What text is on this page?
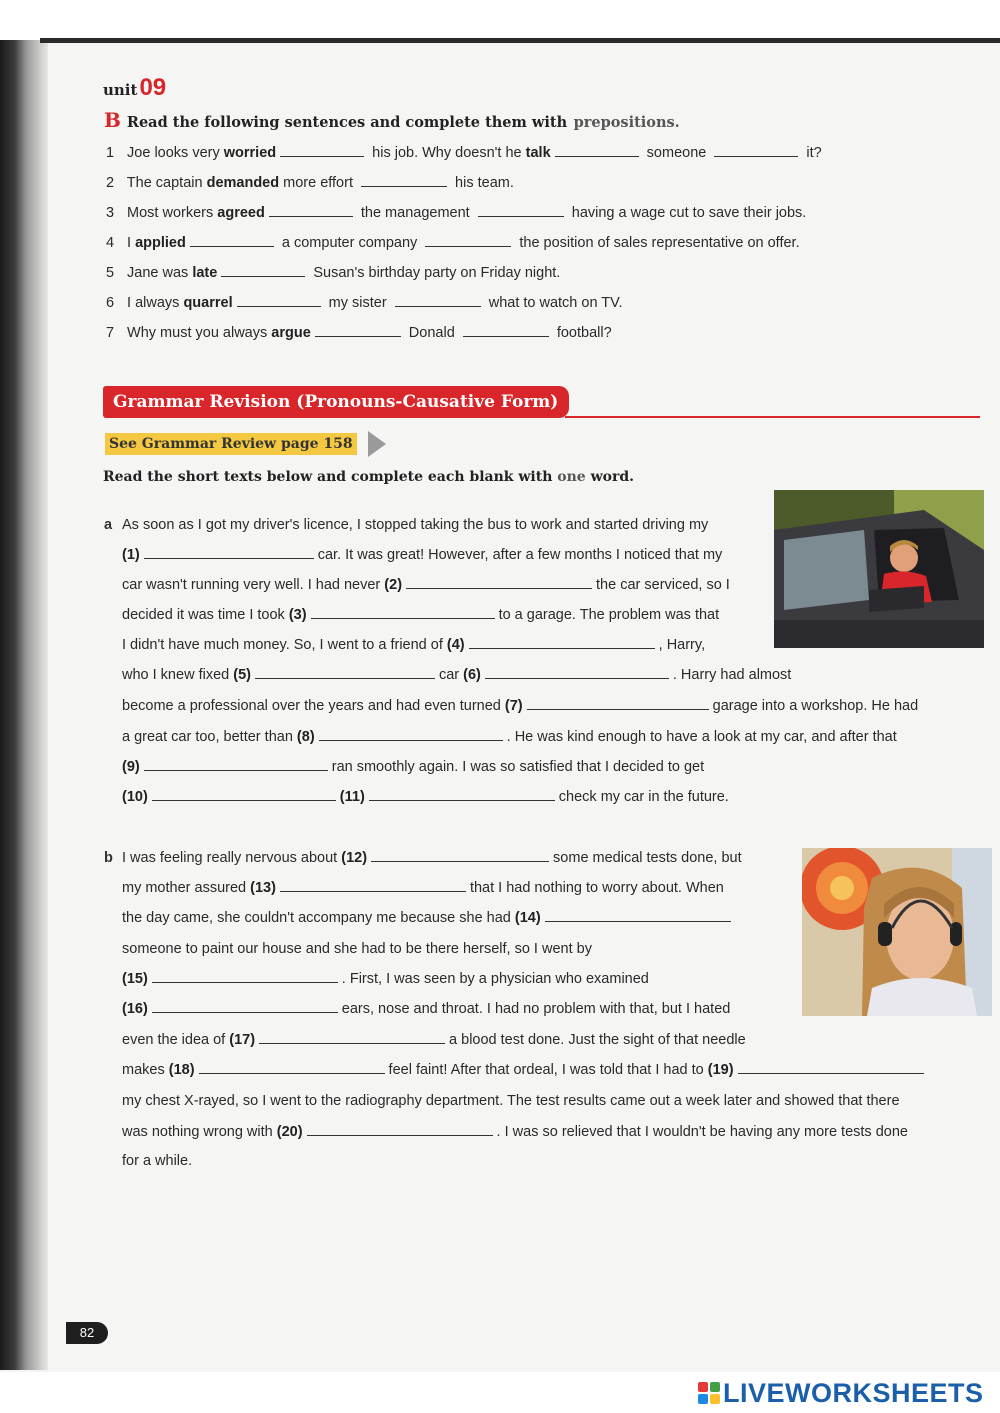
unit09
B Read the following sentences and complete them with prepositions.
1 Joe looks very worried	his job. Why doesn't he talk	someone	it?
2 The captain demanded more effort	his team.
3 Most workers agreed	the management	having a wage cut to save their jobs.
4 I applied	a computer company	the position of sales representative on offer.
5 Jane was late	Susan's birthday party on Friday night.
6 I always quarrel	my sister	what to watch on TV.
7 Why must you always argue	Donald	football?
Grammar Revision (Pronouns-Causative Form)
See Grammar Review page 158
Read the short texts below and complete each blank with one word.
a As soon as I got my driver's licence, I stopped taking the bus to work and started driving my
(1)	car. It was great! However, after a few months I noticed that my
car wasn't running very well. I had never (2)	the car serviced, so I
decided it was time I took (3)	to a garage. The problem was that
I didn't have much money. So, I went to a friend of (4)	, Harry,
who I knew fixed (5)	car (6)	. Harry had almost
become a professional over the years and had even turned (7)	garage into a workshop. He had
a great car too, better than (8)	. He was kind enough to have a look at my car, and after that
(9)	ran smoothly again. I was so satisfied that I decided to get
(10)	(11)	check my car in the future.
b I was feeling really nervous about (12)	some medical tests done, but
my mother assured (13)	that I had nothing to worry about. When
the day came, she couldn't accompany me because she had (14)
someone to paint our house and she had to be there herself, so I went by
(15)	. First, I was seen by a physician who examined
(16)	ears, nose and throat. I had no problem with that, but I hated
even the idea of (17)	a blood test done. Just the sight of that needle
makes (18)	feel faint! After that ordeal, I was told that I had to (19)
my chest X-rayed, so I went to the radiography department. The test results came out a week later and showed that there
was nothing wrong with (20)	. I was so relieved that I wouldn't be having any more tests done
for a while.
82
LIVEWORKSHEETS
